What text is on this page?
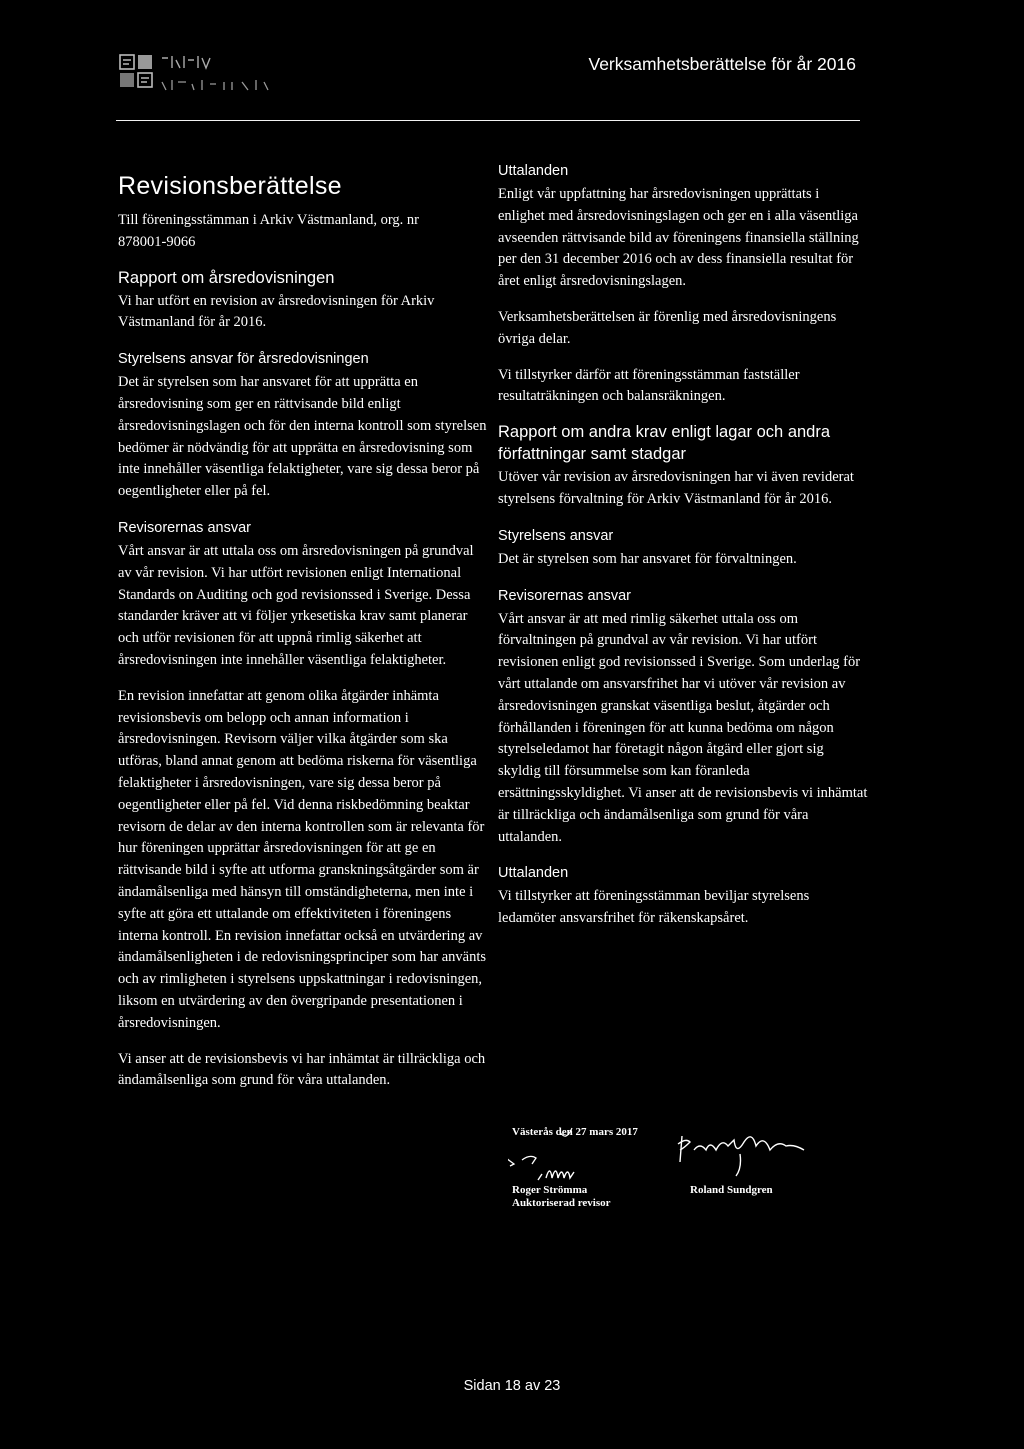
Verksamhetsberättelse för år 2016
Revisionsberättelse

Till föreningsstämman i Arkiv Västmanland, org. nr 878001-9066

Rapport om årsredovisningen

Vi har utfört en revision av årsredovisningen för Arkiv Västmanland för år 2016.

Styrelsens ansvar för årsredovisningen

Det är styrelsen som har ansvaret för att upprätta en årsredovisning som ger en rättvisande bild enligt årsredovisningslagen och för den interna kontroll som styrelsen bedömer är nödvändig för att upprätta en årsredovisning som inte innehåller väsentliga felaktigheter, vare sig dessa beror på oegentligheter eller på fel.

Revisorernas ansvar

Vårt ansvar är att uttala oss om årsredovisningen på grundval av vår revision. Vi har utfört revisionen enligt International Standards on Auditing och god revisionssed i Sverige. Dessa standarder kräver att vi följer yrkesetiska krav samt planerar och utför revisionen för att uppnå rimlig säkerhet att årsredovisningen inte innehåller väsentliga felaktigheter.

En revision innefattar att genom olika åtgärder inhämta revisionsbevis om belopp och annan information i årsredovisningen. Revisorn väljer vilka åtgärder som ska utföras, bland annat genom att bedöma riskerna för väsentliga felaktigheter i årsredovisningen, vare sig dessa beror på oegentligheter eller på fel. Vid denna riskbedömning beaktar revisorn de delar av den interna kontrollen som är relevanta för hur föreningen upprättar årsredovisningen för att ge en rättvisande bild i syfte att utforma granskningsåtgärder som är ändamålsenliga med hänsyn till omständigheterna, men inte i syfte att göra ett uttalande om effektiviteten i föreningens interna kontroll. En revision innefattar också en utvärdering av ändamålsenligheten i de redovisningsprinciper som har använts och av rimligheten i styrelsens uppskattningar i redovisningen, liksom en utvärdering av den övergripande presentationen i årsredovisningen.

Vi anser att de revisionsbevis vi har inhämtat är tillräckliga och ändamålsenliga som grund för våra uttalanden.

Uttalanden

Enligt vår uppfattning har årsredovisningen upprättats i enlighet med årsredovisningslagen och ger en i alla väsentliga avseenden rättvisande bild av föreningens finansiella ställning per den 31 december 2016 och av dess finansiella resultat för året enligt årsredovisningslagen.

Verksamhetsberättelsen är förenlig med årsredovisningens övriga delar.

Vi tillstyrker därför att föreningsstämman fastställer resultaträkningen och balansräkningen.

Rapport om andra krav enligt lagar och andra författningar samt stadgar

Utöver vår revision av årsredovisningen har vi även reviderat styrelsens förvaltning för Arkiv Västmanland för år 2016.

Styrelsens ansvar

Det är styrelsen som har ansvaret för förvaltningen.

Revisorernas ansvar

Vårt ansvar är att med rimlig säkerhet uttala oss om förvaltningen på grundval av vår revision. Vi har utfört revisionen enligt god revisionssed i Sverige. Som underlag för vårt uttalande om ansvarsfrihet har vi utöver vår revision av årsredovisningen granskat väsentliga beslut, åtgärder och förhållanden i föreningen för att kunna bedöma om någon styrelseledamot har företagit någon åtgärd eller gjort sig skyldig till försummelse som kan föranleda ersättningsskyldighet. Vi anser att de revisionsbevis vi inhämtat är tillräckliga och ändamålsenliga som grund för våra uttalanden.

Uttalanden

Vi tillstyrker att föreningsstämman beviljar styrelsens ledamöter ansvarsfrihet för räkenskapsåret.

Västerås den 27 mars 2017
Roger Strömma
Auktoriserad revisor
Roland Sundgren
Sidan 18 av 23
